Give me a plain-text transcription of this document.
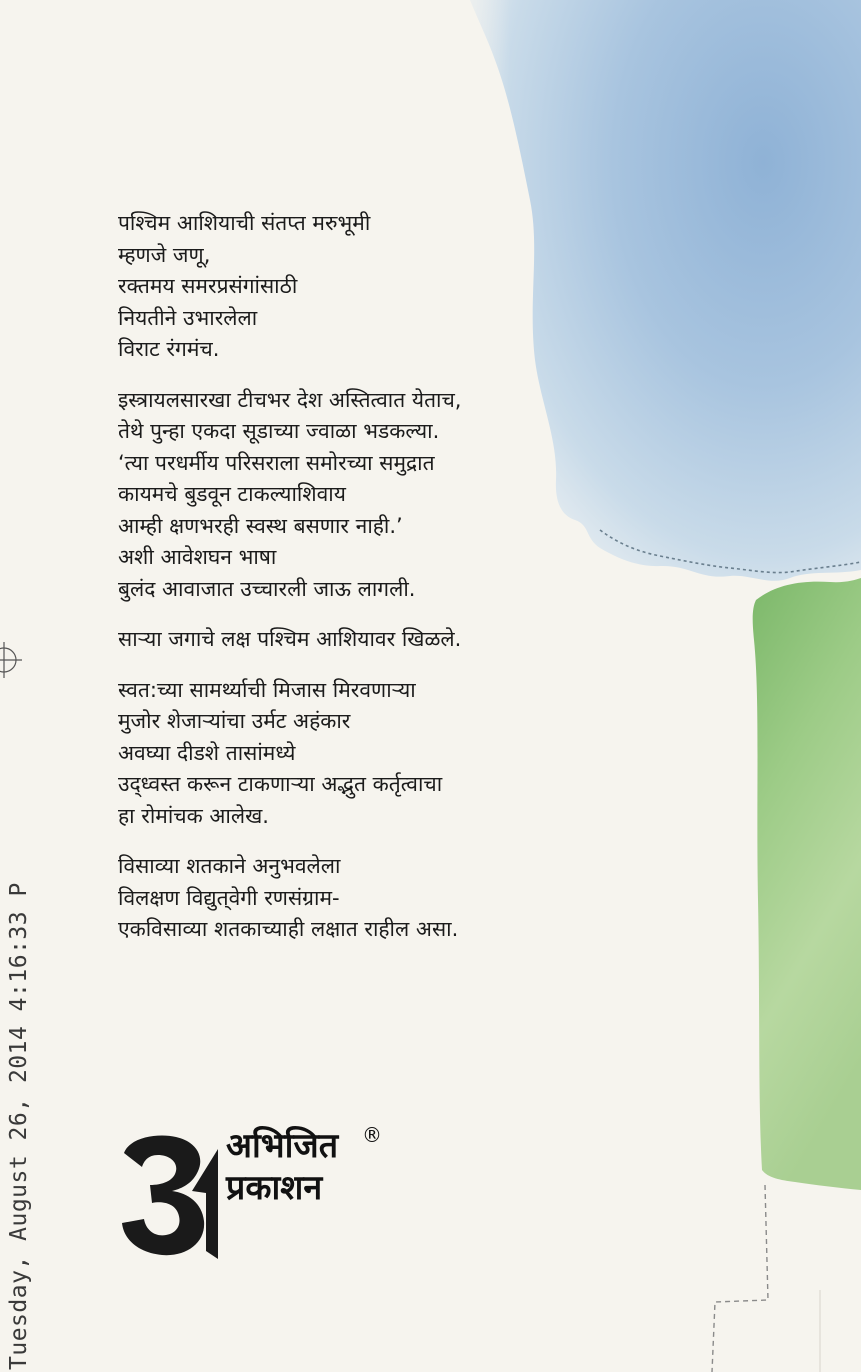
Tuesday, August 26, 2014 4:16:33 P
पश्चिम आशियाची संतप्त मरुभूमी
म्हणजे जणू,
रक्तमय समरप्रसंगांसाठी
नियतीने उभारलेला
विराट रंगमंच.
इस्त्रायलसारखा टीचभर देश अस्तित्वात येताच,
तेथे पुन्हा एकदा सूडाच्या ज्वाळा भडकल्या.
‘त्या परधर्मीय परिसराला समोरच्या समुद्रात
कायमचे बुडवून टाकल्याशिवाय
आम्ही क्षणभरही स्वस्थ बसणार नाही.’
अशी आवेशघन भाषा
बुलंद आवाजात उच्चारली जाऊ लागली.
साऱ्या जगाचे लक्ष पश्चिम आशियावर खिळले.
स्वत:च्या सामर्थ्याची मिजास मिरवणाऱ्या
मुजोर शेजाऱ्यांचा उर्मट अहंकार
अवघ्या दीडशे तासांमध्ये
उद्ध्वस्त करून टाकणाऱ्या अद्भुत कर्तृत्वाचा
हा रोमांचक आलेख.
विसाव्या शतकाने अनुभवलेला
विलक्षण विद्युत्‌वेगी रणसंग्राम-
एकविसाव्या शतकाच्याही लक्षात राहील असा.
अभिजित
प्रकाशन
®
